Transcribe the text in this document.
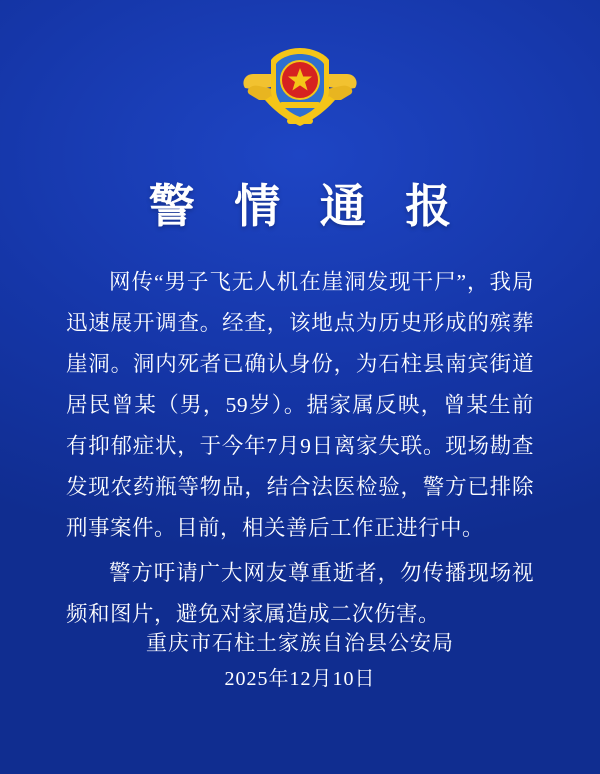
警 情 通 报

网传“男子飞无人机在崖洞发现干尸”，我局迅速展开调查。经查，该地点为历史形成的殡葬崖洞。洞内死者已确认身份，为石柱县南宾街道居民曾某（男，59岁）。据家属反映，曾某生前有抑郁症状，于今年7月9日离家失联。现场勘查发现农药瓶等物品，结合法医检验，警方已排除刑事案件。目前，相关善后工作正进行中。

警方吁请广大网友尊重逝者，勿传播现场视频和图片，避免对家属造成二次伤害。

重庆市石柱土家族自治县公安局
2025年12月10日
